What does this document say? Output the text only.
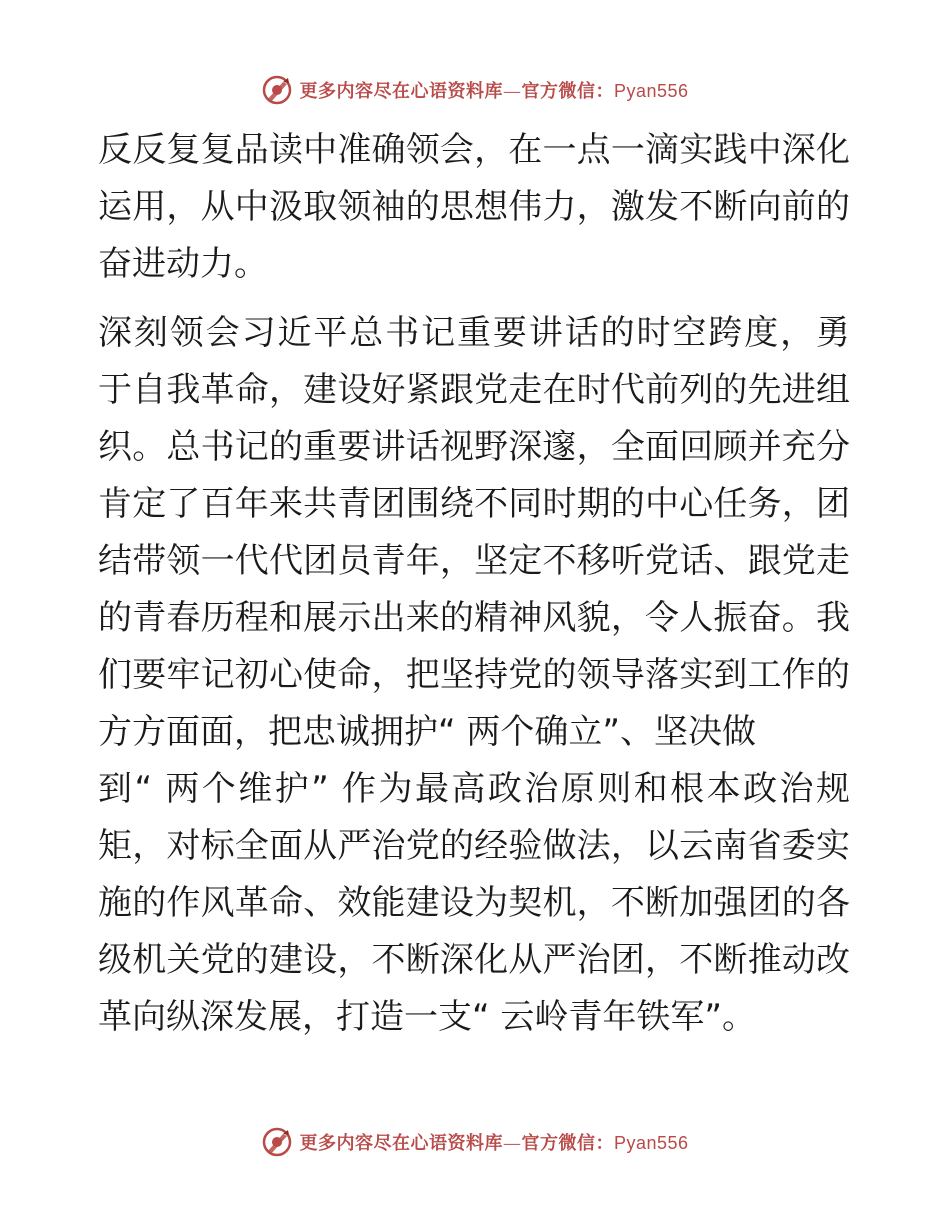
更多内容尽在心语资料库—官方微信：Pyan556

反反复复品读中准确领会，在一点一滴实践中深化
运用，从中汲取领袖的思想伟力，激发不断向前的
奋进动力。

深刻领会习近平总书记重要讲话的时空跨度，勇
于自我革命，建设好紧跟党走在时代前列的先进组
织。总书记的重要讲话视野深邃，全面回顾并充分
肯定了百年来共青团围绕不同时期的中心任务，团
结带领一代代团员青年，坚定不移听党话、跟党走
的青春历程和展示出来的精神风貌，令人振奋。我
们要牢记初心使命，把坚持党的领导落实到工作的
方方面面，把忠诚拥护“ 两个确立”、坚决做
到“ 两个维护” 作为最高政治原则和根本政治规
矩，对标全面从严治党的经验做法，以云南省委实
施的作风革命、效能建设为契机，不断加强团的各
级机关党的建设，不断深化从严治团，不断推动改
革向纵深发展，打造一支“ 云岭青年铁军”。

更多内容尽在心语资料库—官方微信：Pyan556
